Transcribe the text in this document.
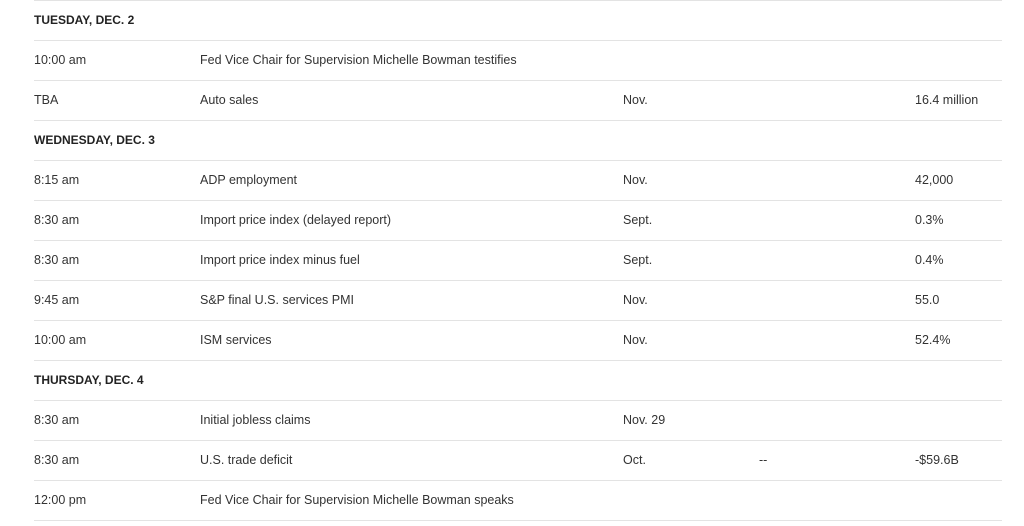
TUESDAY, DEC. 2
10:00 am	Fed Vice Chair for Supervision Michelle Bowman testifies
TBA	Auto sales	Nov.	16.4 million
WEDNESDAY, DEC. 3
8:15 am	ADP employment	Nov.	42,000
8:30 am	Import price index (delayed report)	Sept.	0.3%
8:30 am	Import price index minus fuel	Sept.	0.4%
9:45 am	S&P final U.S. services PMI	Nov.	55.0
10:00 am	ISM services	Nov.	52.4%
THURSDAY, DEC. 4
8:30 am	Initial jobless claims	Nov. 29
8:30 am	U.S. trade deficit	Oct.	--	-$59.6B
12:00 pm	Fed Vice Chair for Supervision Michelle Bowman speaks
